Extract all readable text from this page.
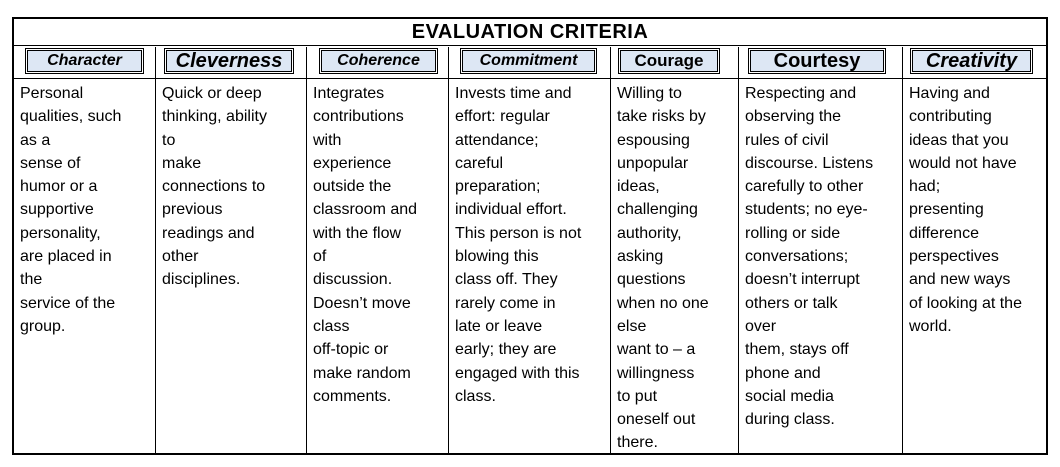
EVALUATION CRITERIA
Character
Personal
qualities, such
as a
sense of
humor or a
supportive
personality,
are placed in
the
service of the
group.
Cleverness
Quick or deep
thinking, ability
to
make
connections to
previous
readings and
other
disciplines.
Coherence
Integrates
contributions
with
experience
outside the
classroom and
with the flow
of
discussion.
Doesn’t move
class
off-topic or
make random
comments.
Commitment
Invests time and
effort: regular
attendance;
careful
preparation;
individual effort.
This person is not
blowing this
class off. They
rarely come in
late or leave
early; they are
engaged with this
class.
Courage
Willing to
take risks by
espousing
unpopular
ideas,
challenging
authority,
asking
questions
when no one
else
want to – a
willingness
to put
oneself out
there.
Courtesy
Respecting and
observing the
rules of civil
discourse. Listens
carefully to other
students; no eye-
rolling or side
conversations;
doesn’t interrupt
others or talk
over
them, stays off
phone and
social media
during class.
Creativity
Having and
contributing
ideas that you
would not have
had;
presenting
difference
perspectives
and new ways
of looking at the
world.
